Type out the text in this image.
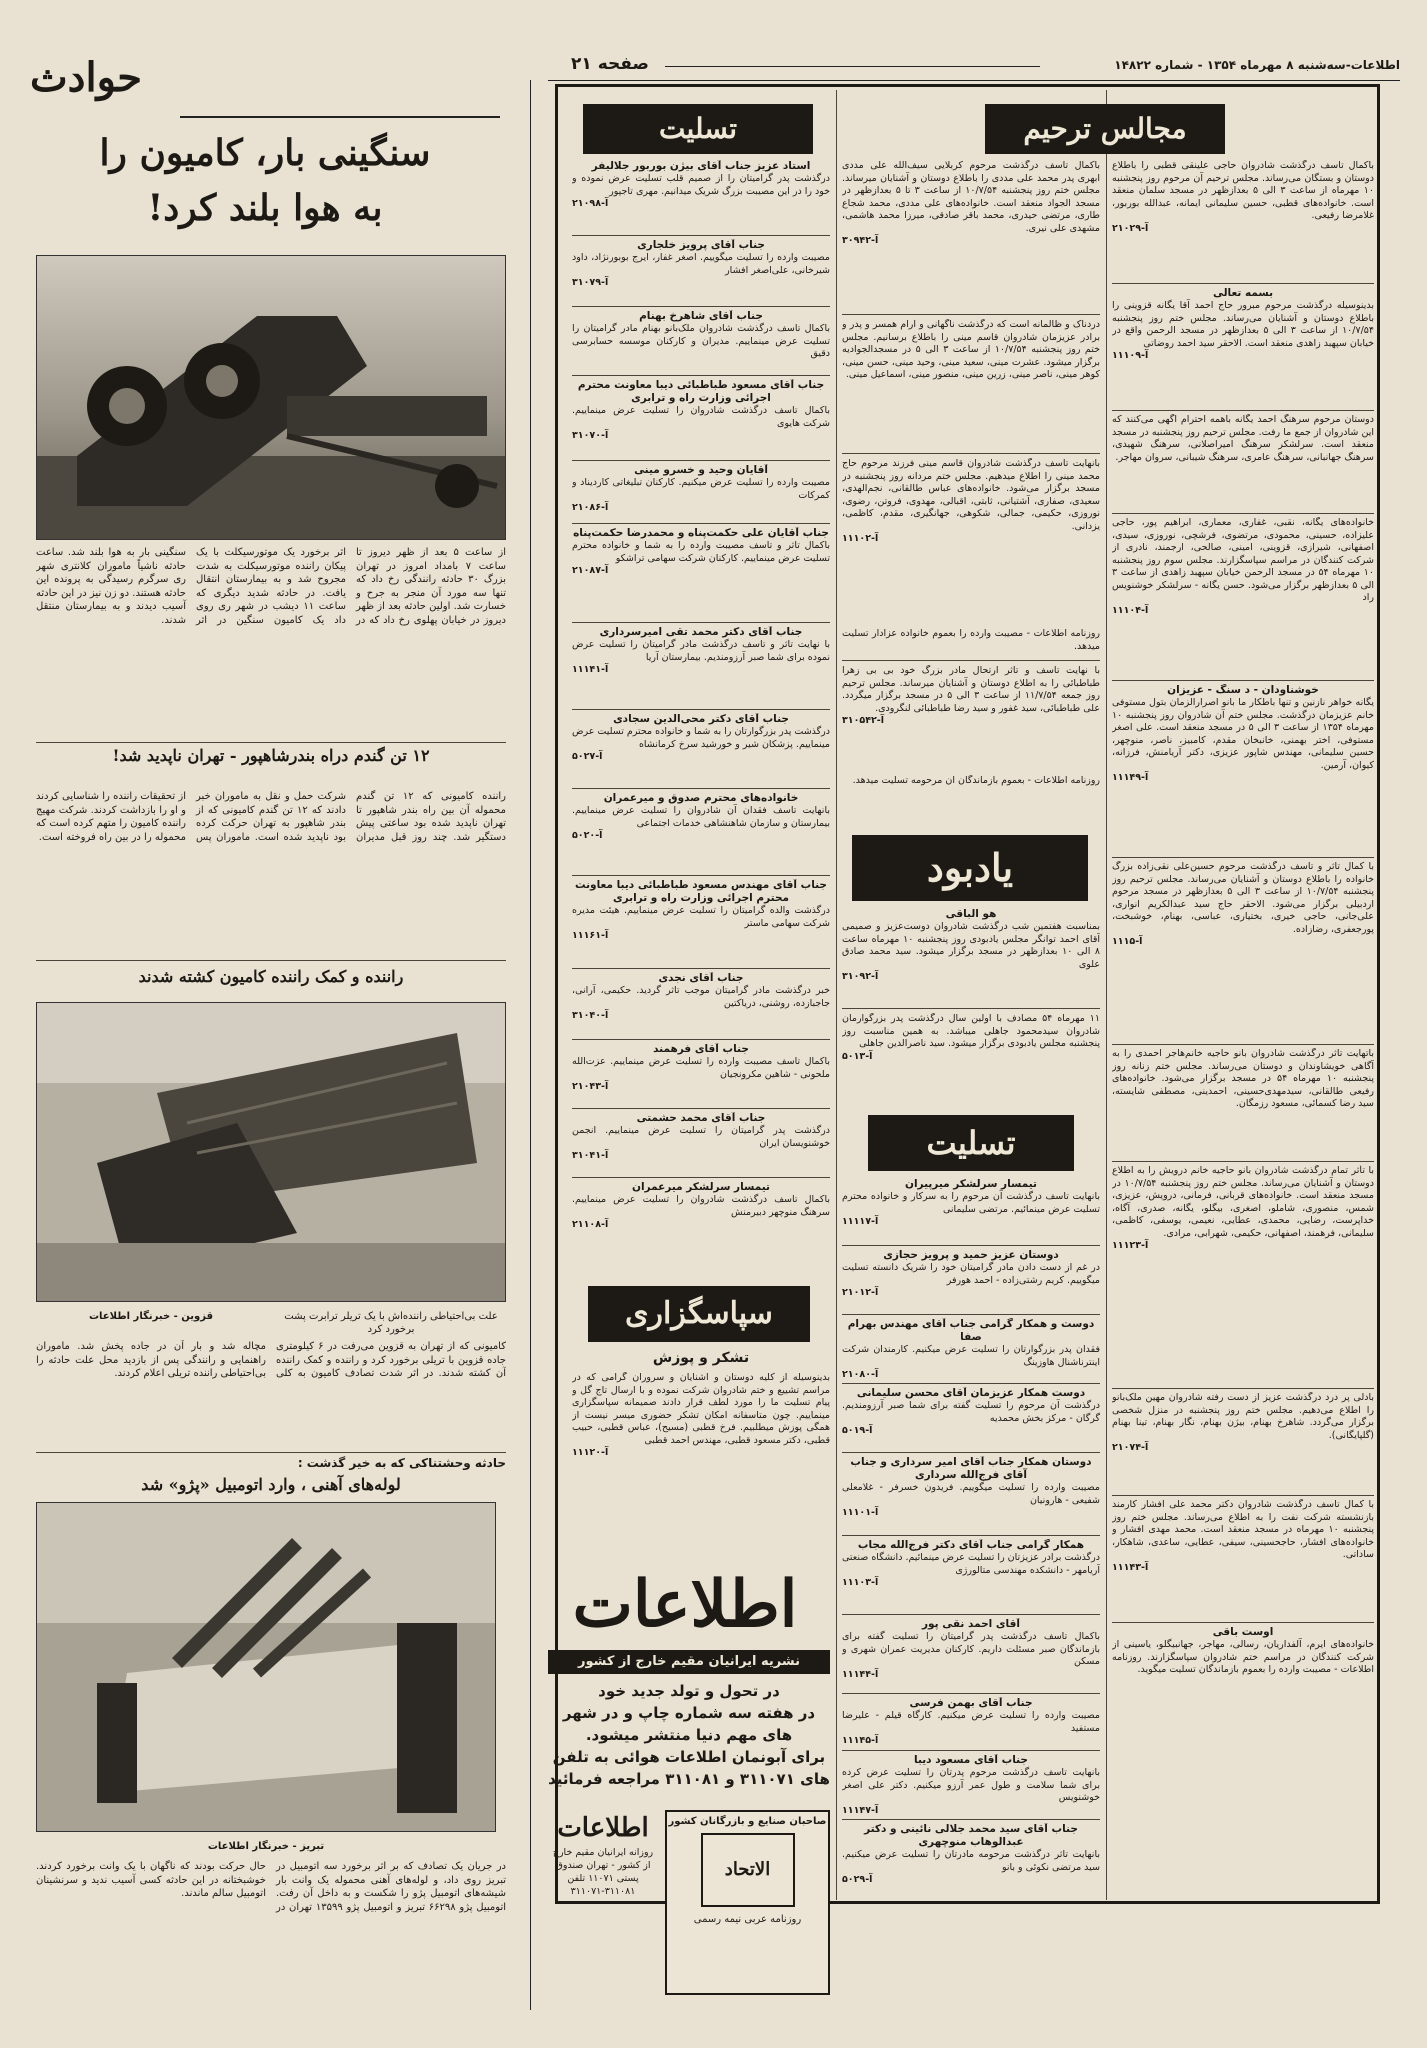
حوادث	صفحه ۲۱	اطلاعات-سه‌شنبه ۸ مهرماه ۱۳۵۴ - شماره ۱۴۸۲۲
سنگینی بار، کامیون را
به هوا بلند کرد!
از ساعت ۵ بعد از ظهر دیروز تا ساعت ۷ بامداد امروز در تهران بزرگ ۳۰ حادثه رانندگی رخ داد که تنها سه مورد آن منجر به جرح و خسارت شد. اولین حادثه بعد از ظهر دیروز در خیابان پهلوی رخ داد که در اثر برخورد یک موتورسیکلت با یک پیکان راننده موتورسیکلت به شدت مجروح شد و به بیمارستان انتقال یافت. در حادثه شدید دیگری که ساعت ۱۱ دیشب در شهر ری روی داد یک کامیون سنگین در اثر سنگینی بار به هوا بلند شد. ساعت حادثه ناشیاً ماموران کلانتری شهر ری سرگرم رسیدگی به پرونده این حادثه هستند. دو زن نیز در این حادثه آسیب دیدند و به بیمارستان منتقل شدند.
۱۲ تن گندم دراه بندرشاهپور - تهران ناپدید شد!
راننده کامیونی که ۱۲ تن گندم محموله آن بین راه بندر شاهپور تا تهران ناپدید شده بود ساعتی پیش دستگیر شد. چند روز قبل مدیران شرکت حمل و نقل به ماموران خبر دادند که ۱۲ تن گندم کامیونی که از بندر شاهپور به تهران حرکت کرده بود ناپدید شده است. ماموران پس از تحقیقات راننده را شناسایی کردند و او را بازداشت کردند. شرکت مهیج راننده کامیون را متهم کرده است که محموله را در بین راه فروخته است.
راننده و کمک راننده کامیون کشته شدند
قزوین - خبرنگار اطلاعات	علت بی‌احتیاطی راننده‌اش با یک تریلر ترابرت پشت برخورد کرد
کامیونی که از تهران به قزوین می‌رفت در ۶ کیلومتری جاده قزوین با تریلی برخورد کرد و راننده و کمک راننده آن کشته شدند. در اثر شدت تصادف کامیون به کلی مچاله شد و بار آن در جاده پخش شد. ماموران راهنمایی و رانندگی پس از بازدید محل علت حادثه را بی‌احتیاطی راننده تریلی اعلام کردند.
حادثه وحشتناکی که به خیر گذشت :
لوله‌های آهنی ، وارد اتومبیل «پژو» شد
تبریز - خبرنگار اطلاعات
در جریان یک تصادف که بر اثر برخورد سه اتومبیل در تبریز روی داد، و لوله‌های آهنی محموله یک وانت بار شیشه‌های اتومبیل پژو را شکست و به داخل آن رفت. اتومبیل پژو ۶۶۲۹۸ تبریز و اتومبیل پژو ۱۳۵۹۹ تهران در حال حرکت بودند که ناگهان با یک وانت برخورد کردند. خوشبختانه در این حادثه کسی آسیب ندید و سرنشینان اتومبیل سالم ماندند.
مجالس ترحیم
تسلیت
باکمال تاسف درگذشت شادروان حاجی علینقی قطبی را باطلاع دوستان و بستگان می‌رساند. مجلس ترحیم آن مرحوم روز پنجشنبه ۱۰ مهرماه از ساعت ۳ الی ۵ بعدازظهر در مسجد سلمان منعقد است. خانواده‌های قطبی، حسین سلیمانی ایمانه، عبدالله بوربور، غلامرضا رفیعی.
آ-۲۱۰۲۹
بسمه تعالی
بدینوسیله درگذشت مرحوم مبرور حاج احمد آقا یگانه قزوینی را باطلاع دوستان و آشنایان می‌رساند. مجلس ختم روز پنجشنبه ۱۰/۷/۵۴ از ساعت ۳ الی ۵ بعدازظهر در مسجد الرحمن واقع در خیابان سپهبد زاهدی منعقد است. الاحقر سید احمد روضاتی
آ-۱۱۱۰۹
دوستان مرحوم سرهنگ احمد یگانه باهمه احترام آگهی می‌کنند که این شادروان از جمع ما رفت. مجلس ترحیم روز پنجشنبه در مسجد منعقد است. سرلشکر سرهنگ امیراصلانی، سرهنگ شهیدی، سرهنگ جهانبانی، سرهنگ عامری، سرهنگ شیبانی، سروان مهاجر.
خانواده‌های یگانه، نقبی، غفاری، معماری، ابراهیم پور، حاجی علیزاده، حسینی، محمودی، مرتضوی، فرشچی، نوروزی، سیدی، اصفهانی، شیرازی، قزوینی، امینی، صالحی، ارجمند، نادری از شرکت کنندگان در مراسم سپاسگزارند. مجلس سوم روز پنجشنبه ۱۰ مهرماه ۵۴ در مسجد الرحمن خیابان سپهبد زاهدی از ساعت ۳ الی ۵ بعدازظهر برگزار می‌شود. حسن یگانه - سرلشکر خوشنویس راد
آ-۱۱۱۰۴
خوشناودان - د سنگ - عزیزان
یگانه خواهر نازنین و تنها باطکار ما بانو اصرارالزمان بتول مستوفی خانم عزیزمان درگذشت. مجلس ختم آن شادروان روز پنجشنبه ۱۰ مهرماه ۱۳۵۴ از ساعت ۳ الی ۵ در مسجد منعقد است. علی اصغر مستوفی، اختر بهمنی، خانبخان مقدم، کامبیز، ناصر، منوچهر، حسین سلیمانی، مهندس شاپور عزیزی، دکتر آریامنش، فرزانه، کیوان، آرمین.
آ-۱۱۱۴۹
با کمال تاثر و تاسف درگذشت مرحوم حسین‌علی نقی‌زاده بزرگ خانواده را باطلاع دوستان و آشنایان می‌رساند. مجلس ترحیم روز پنجشنبه ۱۰/۷/۵۴ از ساعت ۳ الی ۵ بعدازظهر در مسجد مرحوم اردبیلی برگزار می‌شود. الاحقر حاج سید عبدالکریم انواری، علی‌جانی، حاجی خیری، بختیاری، عباسی، بهنام، خوشبخت، پورجعفری، رضازاده.
آ-۱۱۱۵
باتهایت تاثر درگذشت شادروان بانو حاجیه خانم‌هاجر احمدی را به آگاهی خویشاوندان و دوستان می‌رساند. مجلس ختم زنانه روز پنجشنبه ۱۰ مهرماه ۵۴ در مسجد برگزار می‌شود. خانواده‌های رفیعی طالقانی، سیدمهدی‌حسینی، احمدینی، مصطفی شایسته، سید رضا کسمائی، مسعود رزمگان.
با تأثر تمام درگذشت شادروان بانو حاجیه خانم درویش را به اطلاع دوستان و آشنایان می‌رساند. مجلس ختم روز پنجشنبه ۱۰/۷/۵۴ در مسجد منعقد است. خانواده‌های قربانی، فرمانی، درویش، عزیزی، شمس، منصوری، شاملو، اصغری، بیگلو، یگانه، صدری، آگاه، خداپرست، رضایی، محمدی، عطایی، نعیمی، یوسفی، کاظمی، سلیمانی، فرهمند، اصفهانی، حکیمی، شهرابی، مرادی.
آ-۱۱۱۲۳
بادلی پر درد درگذشت عزیز از دست رفته شادروان مهین ملک‌بانو را اطلاع می‌دهیم. مجلس ختم روز پنجشنبه در منزل شخصی برگزار می‌گردد. شاهرخ بهنام، بیژن بهنام، نگار بهنام، تینا بهنام (گلپایگانی).
آ-۲۱۰۷۴
با کمال تاسف درگذشت شادروان دکتر محمد علی افشار کارمند بازنشسته شرکت نفت را به اطلاع می‌رساند. مجلس ختم روز پنجشنبه ۱۰ مهرماه در مسجد منعقد است. محمد مهدی افشار و خانواده‌های افشار، حاجحسینی، سیفی، عطایی، ساعدی، شاهکار، ساداتی.
آ-۱۱۱۴۳
اوست باقی
خانواده‌های ایرم، آلفداریان، رسالی، مهاجر، جهانبیگلو، یاسینی از شرکت کنندگان در مراسم ختم شادروان سپاسگزارند. روزنامه اطلاعات - مصیبت وارده را بعموم بازماندگان تسلیت میگوید.
باکمال تاسف درگذشت مرحوم کربلایی سیف‌الله علی مددی ابهری پدر محمد علی مددی را باطلاع دوستان و آشنایان میرساند. مجلس ختم روز پنجشنبه ۱۰/۷/۵۴ از ساعت ۳ تا ۵ بعدازظهر در مسجد الجواد منعقد است. خانواده‌های علی مددی، محمد شجاع طاری، مرتضی حیدری، محمد باقر صادقی، میرزا محمد هاشمی، مشهدی علی نیری.
آ-۳۰۹۴۲
دردناک و ظالمانه است که درگذشت ناگهانی و آرام همسر و پدر و برادر عزیزمان شادروان قاسم مینی را باطلاع برسانیم. مجلس ختم روز پنجشنبه ۱۰/۷/۵۴ از ساعت ۳ الی ۵ در مسجدالجوادیه برگزار میشود. عشرت مینی، سعید مینی، وحید مینی، حسن مینی، کوهر مینی، ناصر مینی، زرین مینی، منصور مینی، اسماعیل مینی.
بانهایت تاسف درگذشت شادروان قاسم مینی فرزند مرحوم حاج محمد مینی را اطلاع میدهیم. مجلس ختم مردانه روز پنجشنبه در مسجد برگزار می‌شود. خانواده‌های عباس طالقانی، نجم‌الهدی، سعیدی، صفاری، آشتیانی، ثابتی، اقبالی، مهدوی، فروتن، رضوی، نوروزی، حکیمی، جمالی، شکوهی، جهانگیری، مقدم، کاظمی، یزدانی.
آ-۱۱۱۰۲
روزنامه اطلاعات - مصیبت وارده را بعموم خانواده عزادار تسلیت میدهد.
با نهایت تاسف و تاثر ارتحال مادر بزرگ خود بی بی زهرا طباطبائی را به اطلاع دوستان و آشنایان میرساند. مجلس ترحیم روز جمعه ۱۱/۷/۵۴ از ساعت ۳ الی ۵ در مسجد برگزار میگردد. علی طباطبائی، سید غفور و سید رضا طباطبائی لنگرودی.
آ-۳۱۰۵۴۲
روزنامه اطلاعات - بعموم بازماندگان آن مرحومه تسلیت میدهد.
یادبود
هو الباقی
بمناسبت هفتمین شب درگذشت شادروان دوست‌عزیز و صمیمی آقای احمد توانگر مجلس یادبودی روز پنجشنبه ۱۰ مهرماه ساعت ۸ الی ۱۰ بعدازظهر در مسجد برگزار میشود. سید محمد صادق علوی
آ-۳۱۰۹۲
۱۱ مهرماه ۵۴ مصادف با اولین سال درگذشت پدر بزرگوارمان شادروان سیدمحمود جاهلی میباشد. به همین مناسبت روز پنجشنبه مجلس یادبودی برگزار میشود. سید ناصرالدین جاهلی
آ-۵۰۱۳
تسلیت
تیمسار سرلشکر میرپیران
بانهایت تاسف درگذشت آن مرحوم را به سرکار و خانواده محترم تسلیت عرض مینمائیم. مرتضی سلیمانی
آ-۱۱۱۱۷
دوستان عزیز حمید و پرویز حجازی
در غم از دست دادن مادر گرامیتان خود را شریک دانسته تسلیت میگوییم. کریم رشتی‌زاده - احمد هورفر
آ-۲۱۰۱۲
دوست و همکار گرامی جناب آقای مهندس بهرام صفا
فقدان پدر بزرگوارتان را تسلیت عرض میکنیم. کارمندان شرکت اینترناشنال هاوزینگ
آ-۲۱۰۸۰
دوست همکار عزیزمان آقای محسن سلیمانی
درگذشت آن مرحوم را تسلیت گفته برای شما صبر آرزومندیم. گرگان - مرکز بخش محمدیه
آ-۵۰۱۹
دوستان همکار جناب آقای امیر سرداری و جناب آقای فرج‌الله سرداری
مصیبت وارده را تسلیت میگوییم. فریدون خسرفر - غلامعلی شفیعی - هارونیان
آ-۱۱۱۰۱
همکار گرامی جناب آقای دکتر فرج‌الله مجاب
درگذشت برادر عزیزتان را تسلیت عرض مینمائیم. دانشگاه صنعتی آریامهر - دانشکده مهندسی متالورژی
آ-۱۱۱۰۳
آقای احمد نقی پور
باکمال تاسف درگذشت پدر گرامیتان را تسلیت گفته برای بازماندگان صبر مسئلت داریم. کارکنان مدیریت عمران شهری و مسکن
آ-۱۱۱۴۴
جناب آقای بهمن فرسی
مصیبت وارده را تسلیت عرض میکنیم. کارگاه قیلم - علیرضا مستفید
آ-۱۱۱۴۵
جناب آقای مسعود دیبا
بانهایت تاسف درگذشت مرحوم پدرتان را تسلیت عرض کرده برای شما سلامت و طول عمر آرزو میکنیم. دکتر علی اصغر خوشنویس
آ-۱۱۱۴۷
جناب آقای سید محمد جلالی نائینی و دکتر عبدالوهاب منوچهری
بانهایت تاثر درگذشت مرحومه مادرتان را تسلیت عرض میکنیم. سید مرتضی نکوئی و بانو
آ-۵۰۲۹
استاد عزیز جناب آقای بیژن بوربور جلالیفر
درگذشت پدر گرامیتان را از صمیم قلب تسلیت عرض نموده و خود را در این مصیبت بزرگ شریک میدانیم. مهری تاجپور
آ-۲۱۰۹۸
جناب آقای پرویز خلجاری
مصیبت وارده را تسلیت میگوییم. اصغر غفار، ایرج بوبورنژاد، داود شیرخانی، علی‌اصغر افشار
آ-۳۱۰۷۹
جناب آقای شاهرخ بهنام
باکمال تاسف درگذشت شادروان ملک‌بانو بهنام مادر گرامیتان را تسلیت عرض مینماییم. مدیران و کارکنان موسسه حسابرسی دقیق
جناب آقای مسعود طباطبائی دیبا معاونت محترم اجرائی وزارت راه و ترابری
باکمال تاسف درگذشت شادروان را تسلیت عرض مینماییم. شرکت هایوی
آ-۳۱۰۷۰
آقایان وحید و خسرو مینی
مصیبت وارده را تسلیت عرض میکنیم. کارکنان تبلیغاتی کاردیناد و کمرکات
آ-۲۱۰۸۶
جناب آقایان علی حکمت‌پناه و محمدرضا حکمت‌پناه
باکمال تاثر و تاسف مصیبت وارده را به شما و خانواده محترم تسلیت عرض مینماییم. کارکنان شرکت سهامی تراشکو
آ-۲۱۰۸۷
جناب آقای دکتر محمد تقی امیرسرداری
با نهایت تاثر و تاسف درگذشت مادر گرامیتان را تسلیت عرض نموده برای شما صبر آرزومندیم. بیمارستان آریا
آ-۱۱۱۴۱
جناب آقای دکتر محی‌الدین سجادی
درگذشت پدر بزرگوارتان را به شما و خانواده محترم تسلیت عرض مینماییم. پزشکان شیر و خورشید سرخ کرمانشاه
آ-۵۰۲۷
خانواده‌های محترم صدوق و میرعمران
بانهایت تاسف فقدان آن شادروان را تسلیت عرض مینماییم. بیمارستان و سازمان شاهنشاهی خدمات اجتماعی
آ-۵۰۲۰
جناب آقای مهندس مسعود طباطبائی دیبا معاونت محترم اجرائی وزارت راه و ترابری
درگذشت والده گرامیتان را تسلیت عرض مینماییم. هیئت مدیره شرکت سهامی ماستر
آ-۱۱۱۶۱
جناب آقای نجدی
خبر درگذشت مادر گرامیتان موجب تاثر گردید. حکیمی، آرانی، جاجبازده، روشنی، دریاکتین
آ-۳۱۰۴۰
جناب آقای فرهمند
باکمال تاسف مصیبت وارده را تسلیت عرض مینماییم. عزت‌الله ملحونی - شاهین مکرونجیان
آ-۲۱۰۴۳
جناب آقای محمد حشمتی
درگذشت پدر گرامیتان را تسلیت عرض مینماییم. انجمن خوشنویسان ایران
آ-۳۱۰۴۱
تیمسار سرلشکر میرعمران
باکمال تاسف درگذشت شادروان را تسلیت عرض مینماییم. سرهنگ منوچهر دبیرمنش
آ-۲۱۱۰۸
سپاسگزاری
تشکر و پوزش
بدینوسیله از کلیه دوستان و آشنایان و سروران گرامی که در مراسم تشییع و ختم شادروان شرکت نموده و با ارسال تاج گل و پیام تسلیت ما را مورد لطف قرار دادند صمیمانه سپاسگزاری مینماییم. چون متاسفانه امکان تشکر حضوری میسر نیست از همگی پوزش میطلبیم. فرخ قطبی (مسیح)، عباس قطبی، حبیب قطبی، دکتر مسعود قطبی، مهندس احمد قطبی
آ-۱۱۱۲۰
اطلاعات
نشریه ایرانیان مقیم خارج از کشور
در تحول و تولد جدید خود
در هفته سه شماره چاپ و در شهر
های مهم دنیا منتشر میشود.
برای آبونمان اطلاعات هوائی به تلفن
های ۳۱۱۰۷۱ و ۳۱۱۰۸۱ مراجعه فرمائید
صاحبان صنایع و بازرگانان کشور
الاتحاد
روزنامه عربی نیمه رسمی
اطلاعات
روزانه ایرانیان مقیم خارج از کشور - تهران صندوق پستی ۱۱۰۷۱ تلفن ۳۱۱۰۸۱-۳۱۱۰۷۱
